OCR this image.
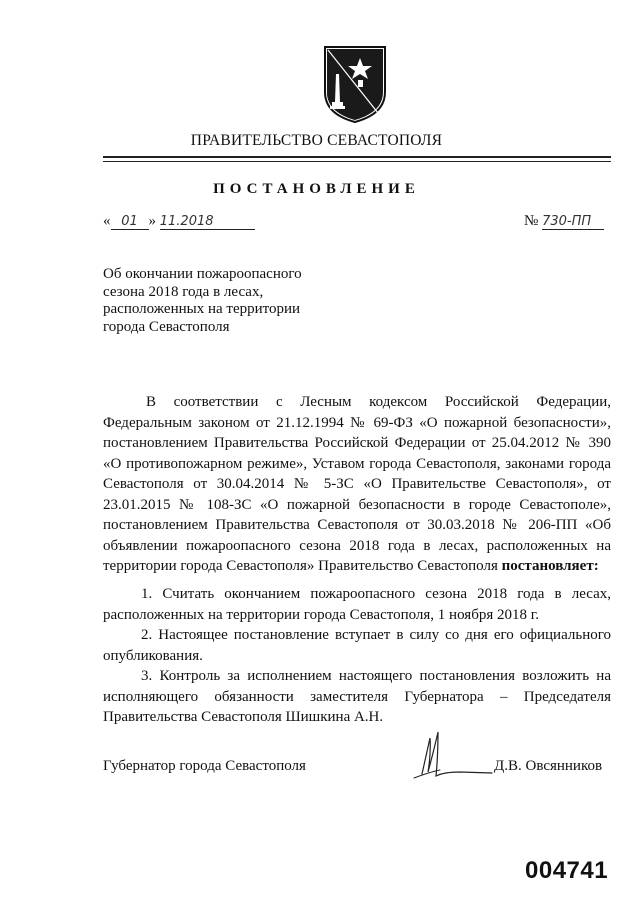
ПРАВИТЕЛЬСТВО СЕВАСТОПОЛЯ
ПОСТАНОВЛЕНИЕ
« 01 » 11.2018	№ 730-ПП
Об окончании пожароопасного сезона 2018 года в лесах, расположенных на территории города Севастополя
В соответствии с Лесным кодексом Российской Федерации, Федеральным законом от 21.12.1994 № 69-ФЗ «О пожарной безопасности», постановлением Правительства Российской Федерации от 25.04.2012 № 390 «О противопожарном режиме», Уставом города Севастополя, законами города Севастополя от 30.04.2014 № 5-ЗС «О Правительстве Севастополя», от 23.01.2015 № 108-ЗС «О пожарной безопасности в городе Севастополе», постановлением Правительства Севастополя от 30.03.2018 № 206-ПП «Об объявлении пожароопасного сезона 2018 года в лесах, расположенных на территории города Севастополя» Правительство Севастополя постановляет:

1. Считать окончанием пожароопасного сезона 2018 года в лесах, расположенных на территории города Севастополя, 1 ноября 2018 г.

2. Настоящее постановление вступает в силу со дня его официального опубликования.

3. Контроль за исполнением настоящего постановления возложить на исполняющего обязанности заместителя Губернатора – Председателя Правительства Севастополя Шишкина А.Н.

Губернатор города Севастополя	Д.В. Овсянников
004741
